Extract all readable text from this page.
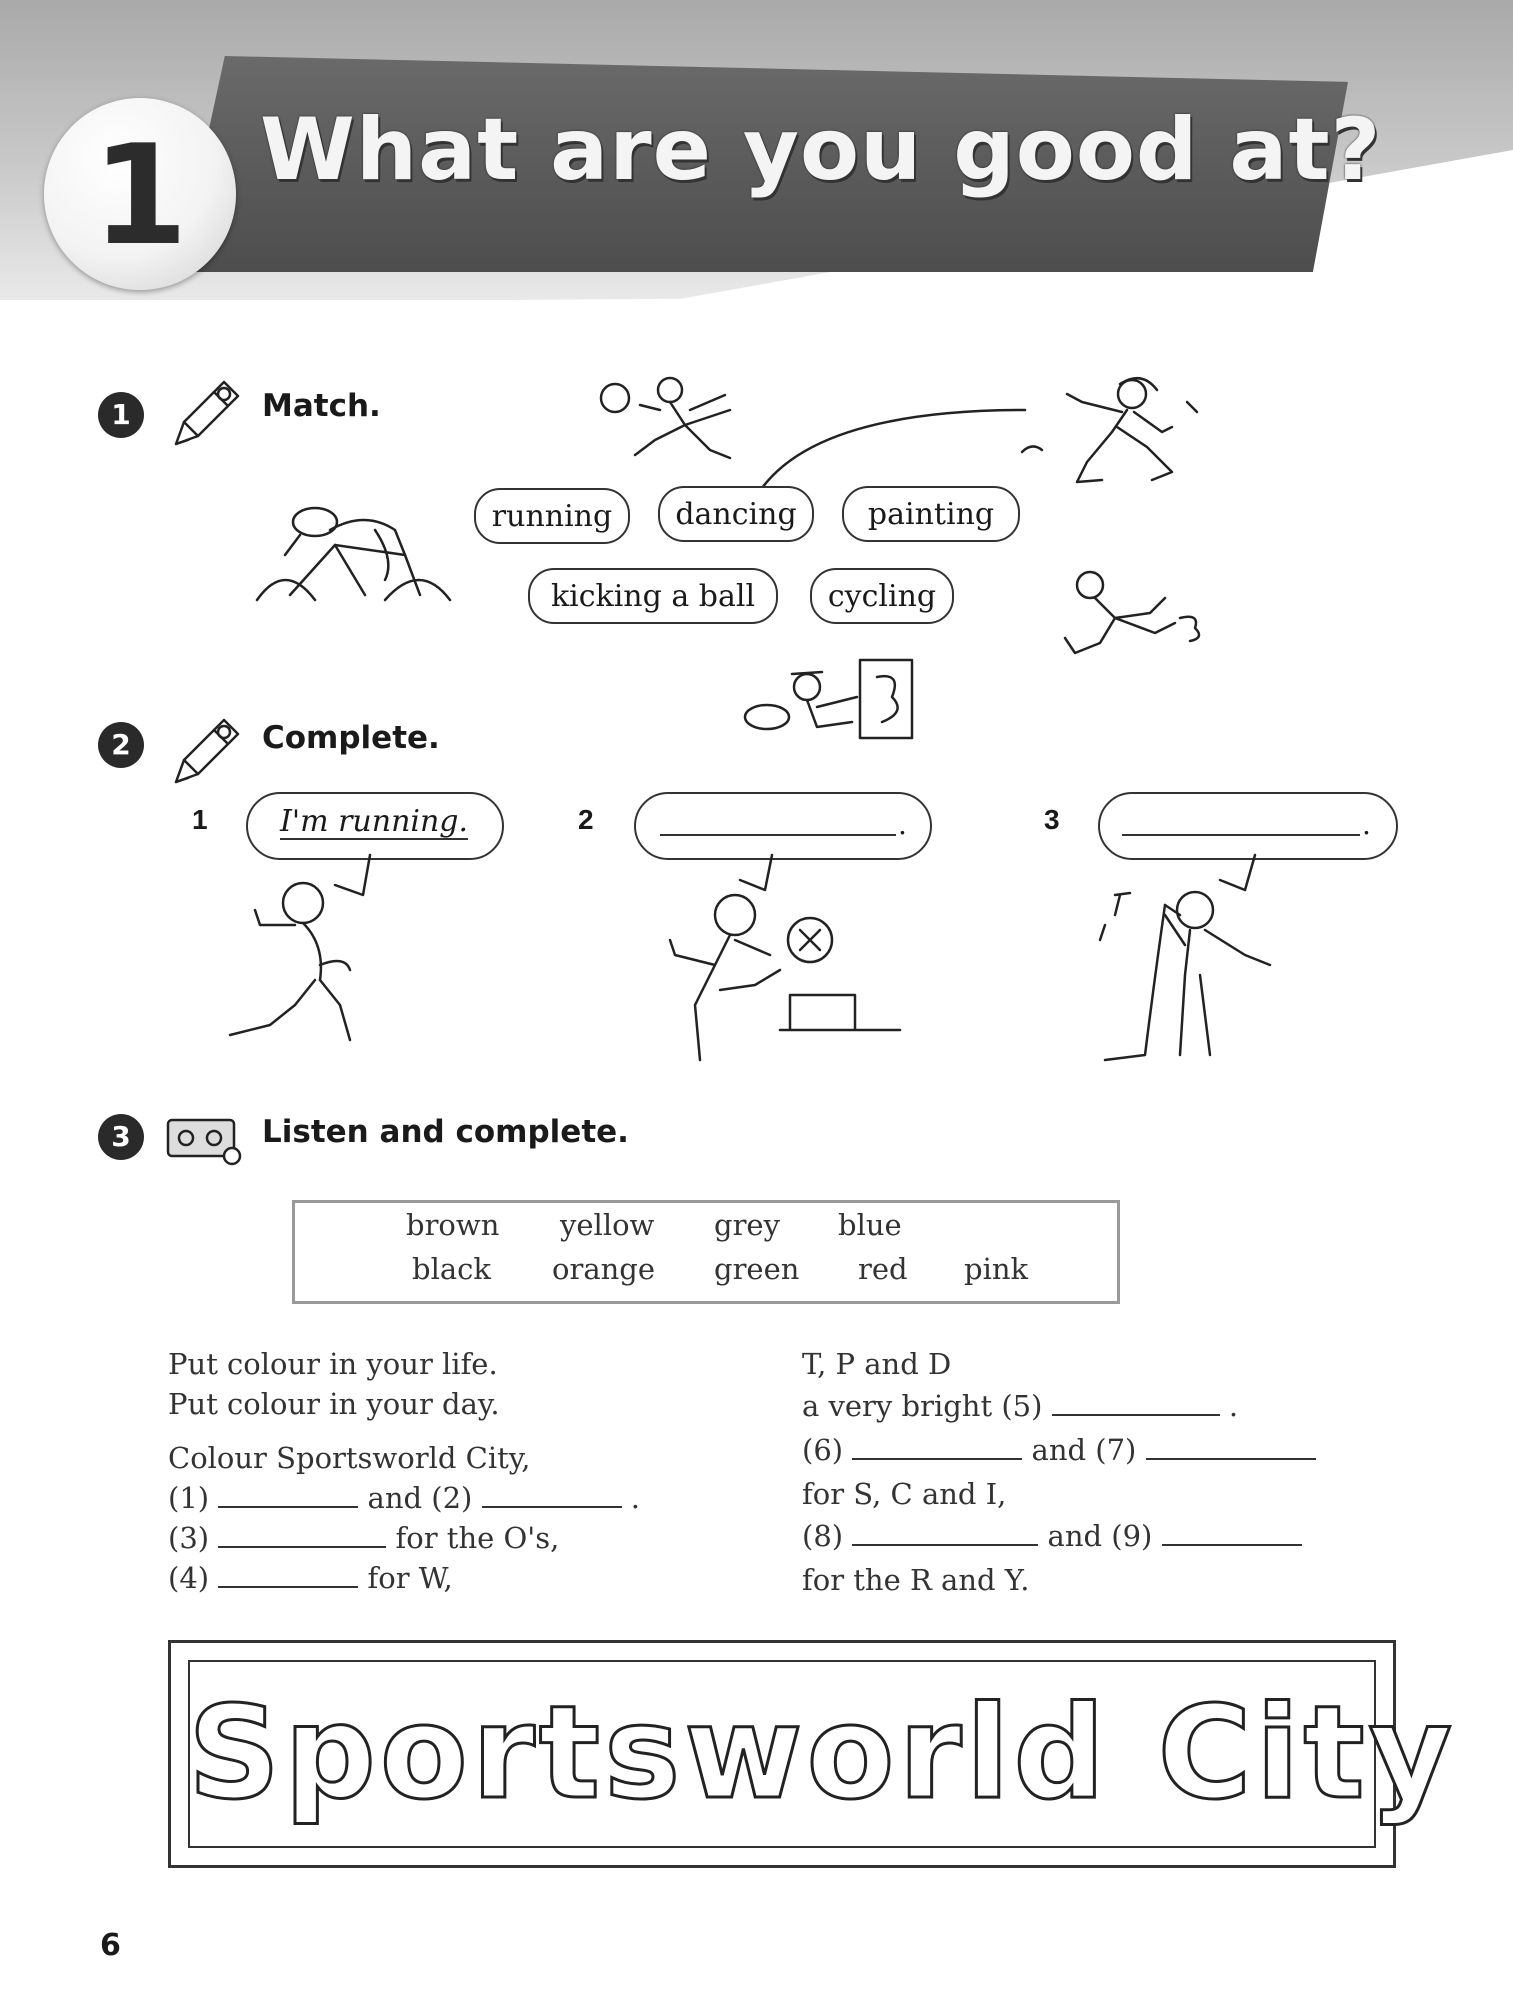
1 What are you good at?
1	Match.
running	dancing	painting
kicking a ball	cycling
2	Complete.
1 I'm running.	2	.	3	.
3	Listen and complete.
brown yellow grey blue
black orange green red pink
Put colour in your life.
Put colour in your day.
Colour Sportsworld City,
(1)	and (2)	.
(3)	for the O's,
(4)	for W,
T, P and D
a very bright (5)	.
(6)	and (7)
for S, C and I,
(8)	and (9)
for the R and Y.
Sportsworld City
6
